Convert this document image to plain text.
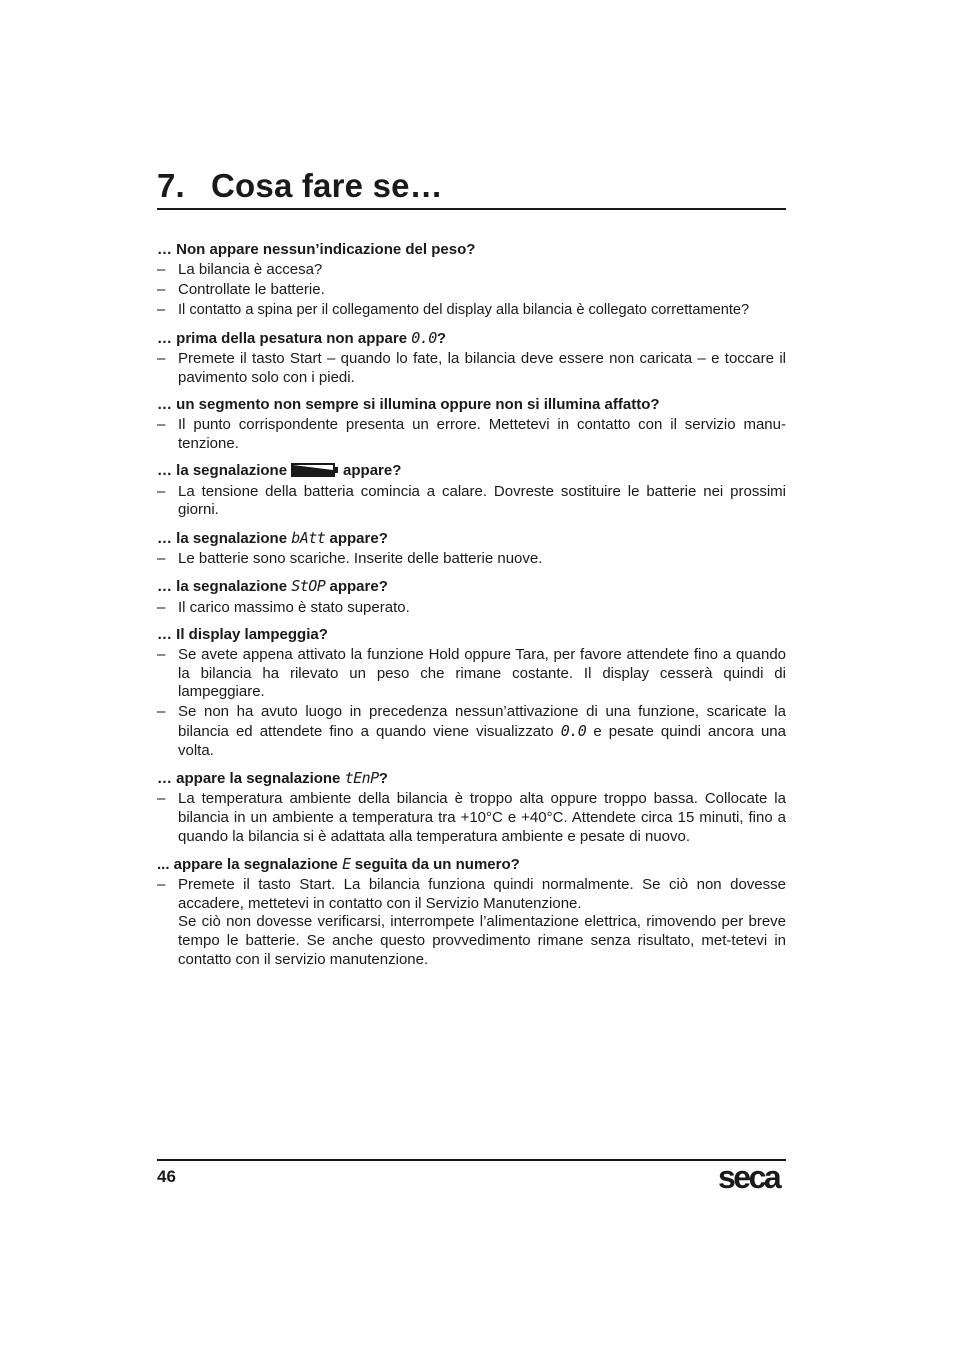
7. Cosa fare se…

… Non appare nessun’indicazione del peso?

– La bilancia è accesa?
– Controllate le batterie.
– Il contatto a spina per il collegamento del display alla bilancia è collegato correttamente?

… prima della pesatura non appare 0.0?

– Premete il tasto Start – quando lo fate, la bilancia deve essere non caricata – e toccare il pavimento solo con i piedi.

… un segmento non sempre si illumina oppure non si illumina affatto?

– Il punto corrispondente presenta un errore. Mettetevi in contatto con il servizio manu-tenzione.

… la segnalazione	appare?

– La tensione della batteria comincia a calare. Dovreste sostituire le batterie nei prossimi giorni.

… la segnalazione bAtt appare?

– Le batterie sono scariche. Inserite delle batterie nuove.

… la segnalazione StOP appare?

– Il carico massimo è stato superato.

… Il display lampeggia?

– Se avete appena attivato la funzione Hold oppure Tara, per favore attendete fino a quando la bilancia ha rilevato un peso che rimane costante. Il display cesserà quindi di lampeggiare.
– Se non ha avuto luogo in precedenza nessun’attivazione di una funzione, scaricate la bilancia ed attendete fino a quando viene visualizzato 0.0 e pesate quindi ancora una volta.

… appare la segnalazione tEnP?

– La temperatura ambiente della bilancia è troppo alta oppure troppo bassa. Collocate la bilancia in un ambiente a temperatura tra +10°C e +40°C. Attendete circa 15 minuti, fino a quando la bilancia si è adattata alla temperatura ambiente e pesate di nuovo.

... appare la segnalazione E seguita da un numero?

– Premete il tasto Start. La bilancia funziona quindi normalmente. Se ciò non dovesse accadere, mettetevi in contatto con il Servizio Manutenzione.
Se ciò non dovesse verificarsi, interrompete l’alimentazione elettrica, rimovendo per breve tempo le batterie. Se anche questo provvedimento rimane senza risultato, met-tetevi in contatto con il servizio manutenzione.
46	seca
